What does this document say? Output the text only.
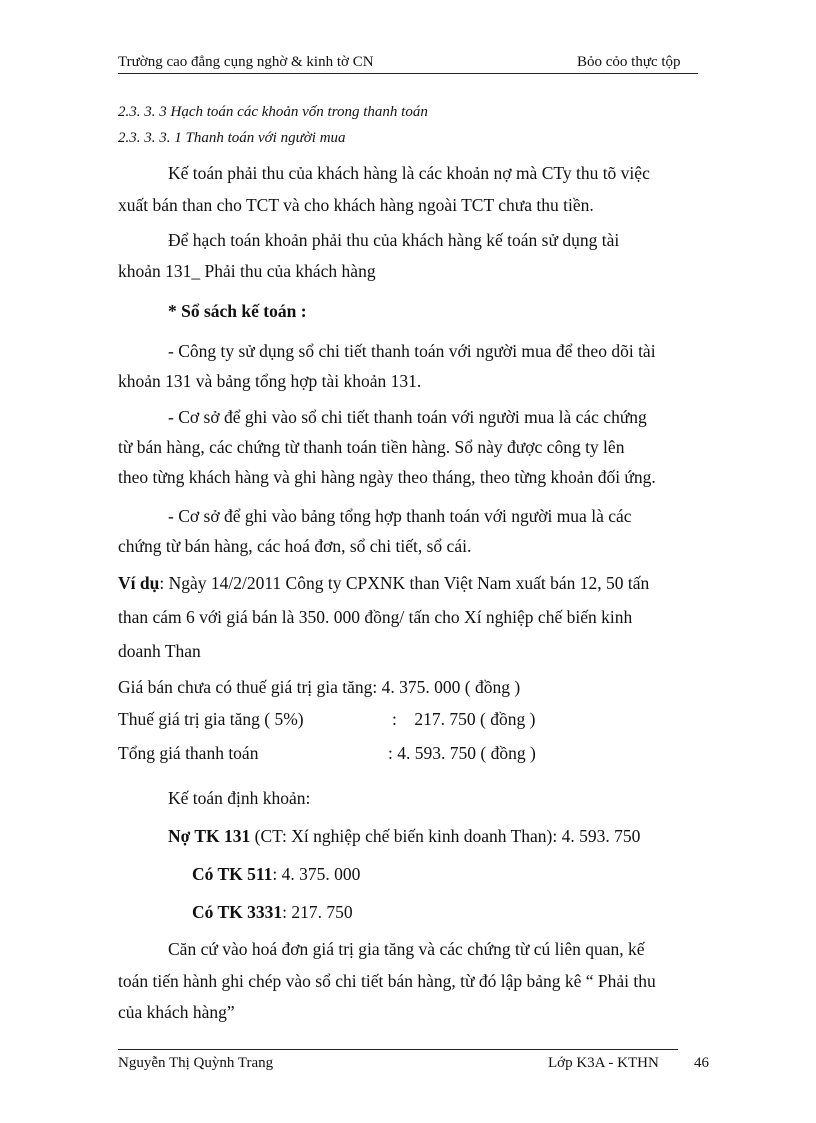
Trường cao đẳng cụng nghờ & kinh tờ CN	Bỏo cỏo thực tộp
2.3. 3. 3 Hạch toán các khoản vốn trong thanh toán
2.3. 3. 3. 1 Thanh toán với người mua
Kế toán phải thu của khách hàng là các khoản nợ mà CTy thu tõ việc
xuất bán than cho TCT và cho khách hàng ngoài TCT chưa thu tiền.
Để hạch toán khoản phải thu của khách hàng kế toán sử dụng tài
khoản 131_ Phải thu của khách hàng
* Sổ sách kế toán :
- Công ty sử dụng sổ chi tiết thanh toán với người mua để theo dõi tài
khoản 131 và bảng tổng hợp tài khoản 131.
- Cơ sở để ghi vào sổ chi tiết thanh toán với người mua là các chứng
từ bán hàng, các chứng từ thanh toán tiền hàng. Sổ này được công ty lên
theo từng khách hàng và ghi hàng ngày theo tháng, theo từng khoản đối ứng.
- Cơ sở để ghi vào bảng tổng hợp thanh toán với người mua là các
chứng từ bán hàng, các hoá đơn, sổ chi tiết, sổ cái.
Ví dụ: Ngày 14/2/2011 Công ty CPXNK than Việt Nam xuất bán 12, 50 tấn
than cám 6 với giá bán là 350. 000 đồng/ tấn cho Xí nghiệp chế biến kinh
doanh Than
Giá bán chưa có thuế giá trị gia tăng: 4. 375. 000 ( đồng )
Thuế giá trị gia tăng ( 5%)	:    217. 750 ( đồng )
Tổng giá thanh toán	: 4. 593. 750 ( đồng )
Kế toán định khoản:
Nợ TK 131 (CT: Xí nghiệp chế biến kinh doanh Than): 4. 593. 750
Có TK 511: 4. 375. 000
Có TK 3331: 217. 750
Căn cứ vào hoá đơn giá trị gia tăng và các chứng từ cú liên quan, kế
toán tiến hành ghi chép vào sổ chi tiết bán hàng, từ đó lập bảng kê “ Phải thu
của khách hàng”
Nguyễn Thị Quỳnh Trang	Lớp K3A - KTHN 46
